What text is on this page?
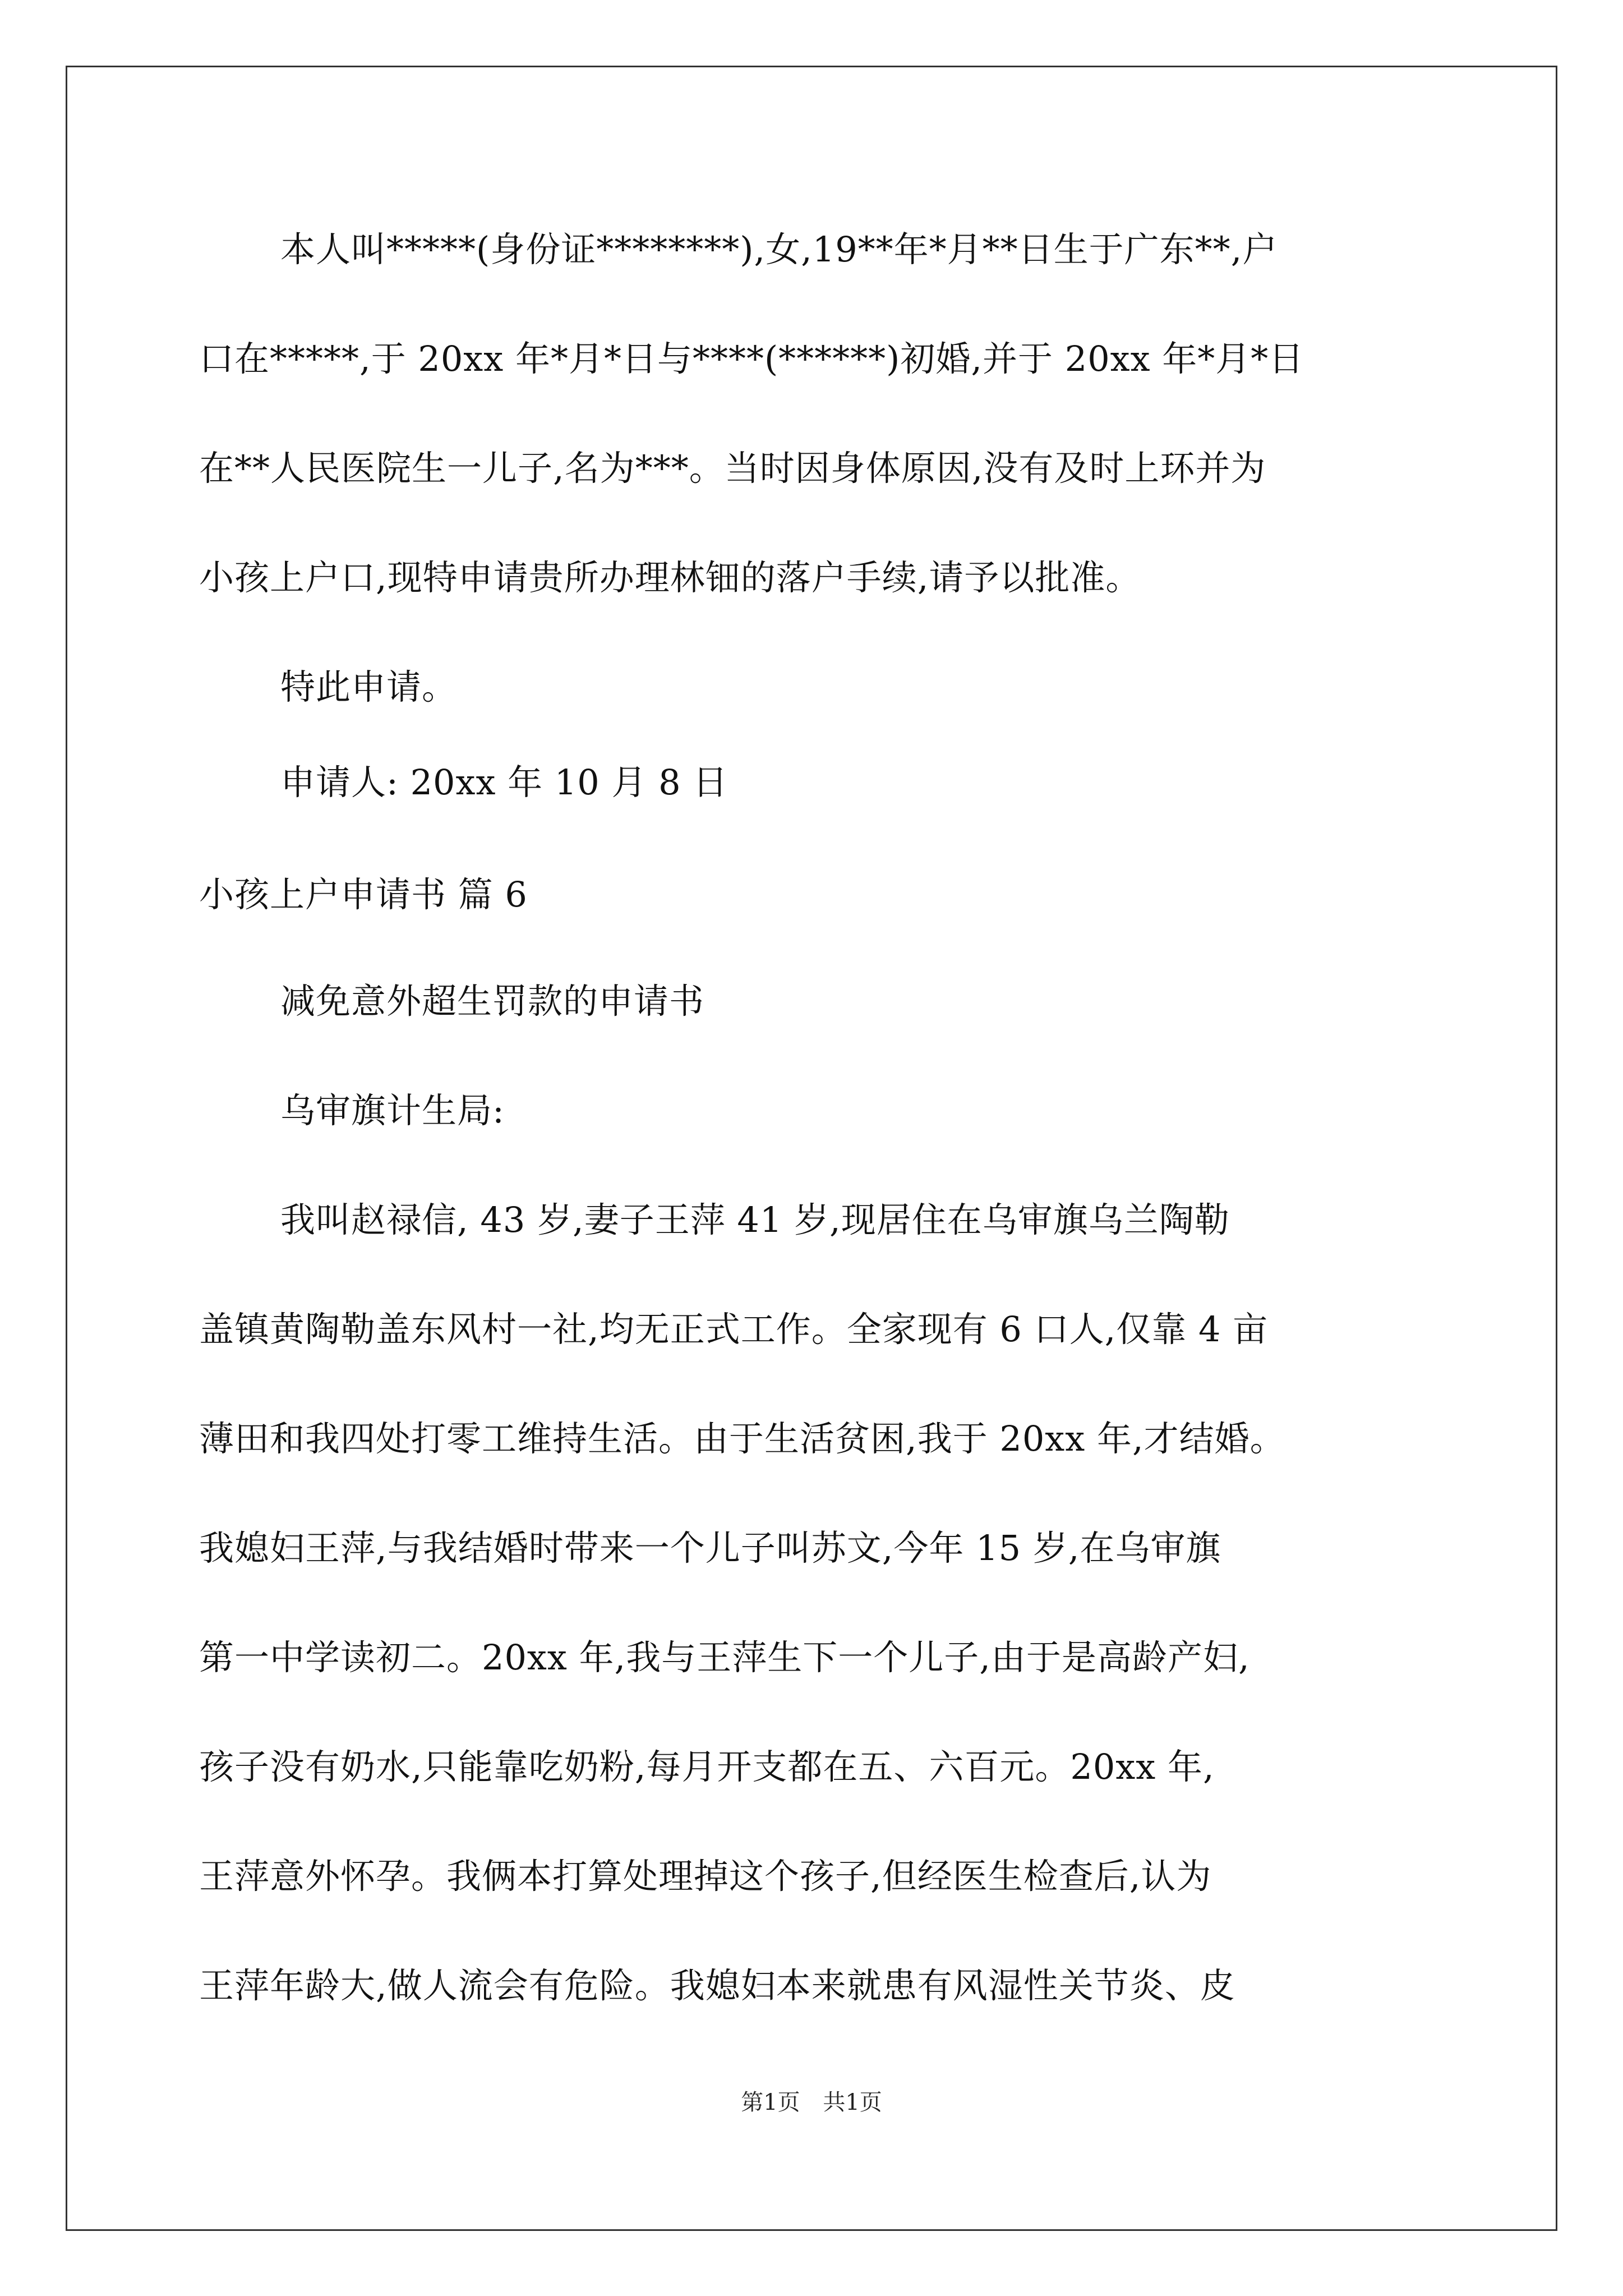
本人叫*****(身份证********),女,19**年*月**日生于广东**,户
口在*****,于 20xx 年*月*日与****(******)初婚,并于 20xx 年*月*日
在**人民医院生一儿子,名为***。当时因身体原因,没有及时上环并为
小孩上户口,现特申请贵所办理林钿的落户手续,请予以批准。
特此申请。
申请人: 20xx 年 10 月 8 日
小孩上户申请书 篇 6
减免意外超生罚款的申请书
乌审旗计生局:
我叫赵禄信, 43 岁,妻子王萍 41 岁,现居住在乌审旗乌兰陶勒
盖镇黄陶勒盖东风村一社,均无正式工作。全家现有 6 口人,仅靠 4 亩
薄田和我四处打零工维持生活。由于生活贫困,我于 20xx 年,才结婚。
我媳妇王萍,与我结婚时带来一个儿子叫苏文,今年 15 岁,在乌审旗
第一中学读初二。20xx 年,我与王萍生下一个儿子,由于是高龄产妇,
孩子没有奶水,只能靠吃奶粉,每月开支都在五、六百元。20xx 年,
王萍意外怀孕。我俩本打算处理掉这个孩子,但经医生检查后,认为
王萍年龄大,做人流会有危险。我媳妇本来就患有风湿性关节炎、皮
第1页 共1页
